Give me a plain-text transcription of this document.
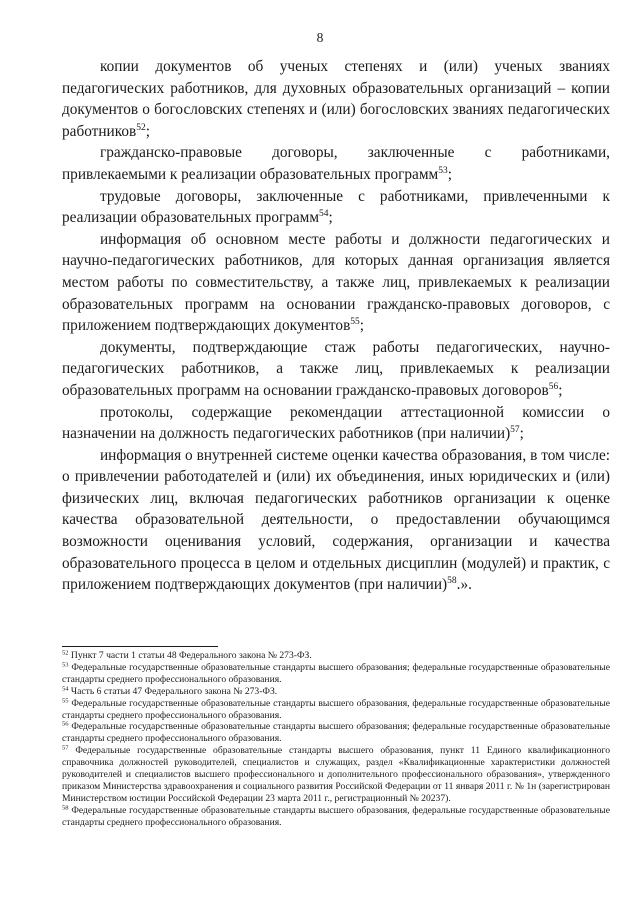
8

копии документов об ученых степенях и (или) ученых званиях педагогических работников, для духовных образовательных организаций – копии документов о богословских степенях и (или) богословских званиях педагогических работников$^{52}$;

гражданско-правовые договоры, заключенные с работниками, привлекаемыми к реализации образовательных программ$^{53}$;

трудовые договоры, заключенные с работниками, привлеченными к реализации образовательных программ$^{54}$;

информация об основном месте работы и должности педагогических и научно-педагогических работников, для которых данная организация является местом работы по совместительству, а также лиц, привлекаемых к реализации образовательных программ на основании гражданско-правовых договоров, с приложением подтверждающих документов$^{55}$;

документы, подтверждающие стаж работы педагогических, научно-педагогических работников, а также лиц, привлекаемых к реализации образовательных программ на основании гражданско-правовых договоров$^{56}$;

протоколы, содержащие рекомендации аттестационной комиссии о назначении на должность педагогических работников (при наличии)$^{57}$;

информация о внутренней системе оценки качества образования, в том числе: о привлечении работодателей и (или) их объединения, иных юридических и (или) физических лиц, включая педагогических работников организации к оценке качества образовательной деятельности, о предоставлении обучающимся возможности оценивания условий, содержания, организации и качества образовательного процесса в целом и отдельных дисциплин (модулей) и практик, с приложением подтверждающих документов (при наличии)$^{58}$.».

$^{52}$ Пункт 7 части 1 статьи 48 Федерального закона № 273-ФЗ.

$^{53}$ Федеральные государственные образовательные стандарты высшего образования; федеральные государственные образовательные стандарты среднего профессионального образования.

$^{54}$ Часть 6 статьи 47 Федерального закона № 273-ФЗ.

$^{55}$ Федеральные государственные образовательные стандарты высшего образования, федеральные государственные образовательные стандарты среднего профессионального образования.

$^{56}$ Федеральные государственные образовательные стандарты высшего образования; федеральные государственные образовательные стандарты среднего профессионального образования.

$^{57}$ Федеральные государственные образовательные стандарты высшего образования, пункт 11 Единого квалификационного справочника должностей руководителей, специалистов и служащих, раздел «Квалификационные характеристики должностей руководителей и специалистов высшего профессионального и дополнительного профессионального образования», утвержденного приказом Министерства здравоохранения и социального развития Российской Федерации от 11 января 2011 г. № 1н (зарегистрирован Министерством юстиции Российской Федерации 23 марта 2011 г., регистрационный № 20237).

$^{58}$ Федеральные государственные образовательные стандарты высшего образования, федеральные государственные образовательные стандарты среднего профессионального образования.
